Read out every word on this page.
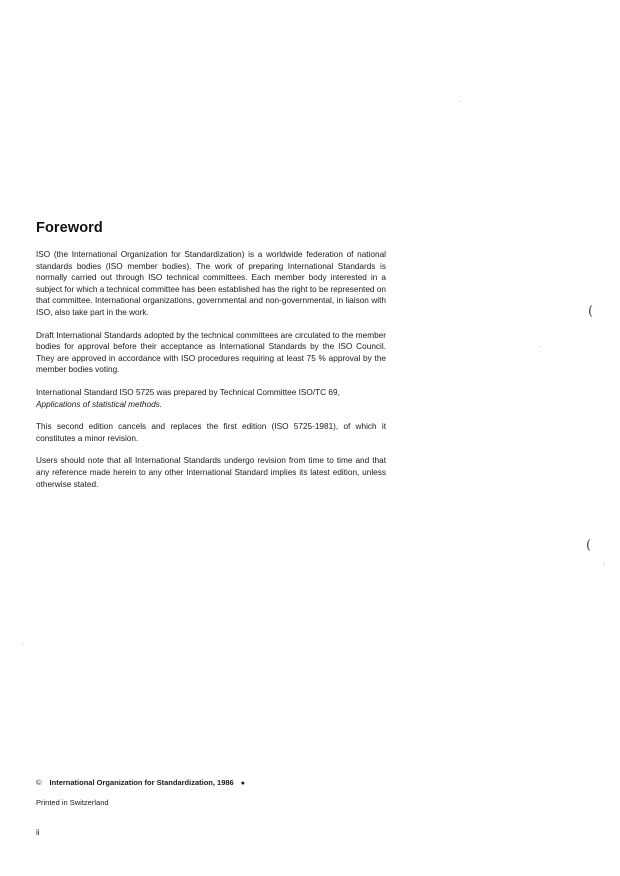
Foreword

ISO (the International Organization for Standardization) is a worldwide federation of national standards bodies (ISO member bodies). The work of preparing International Standards is normally carried out through ISO technical committees. Each member body interested in a subject for which a technical committee has been established has the right to be represented on that committee. International organizations, governmental and non-governmental, in liaison with ISO, also take part in the work.

Draft International Standards adopted by the technical committees are circulated to the member bodies for approval before their acceptance as International Standards by the ISO Council. They are approved in accordance with ISO procedures requiring at least 75 % approval by the member bodies voting.

International Standard ISO 5725 was prepared by Technical Committee ISO/TC 69,
Applications of statistical methods.

This second edition cancels and replaces the first edition (ISO 5725-1981), of which it constitutes a minor revision.

Users should note that all International Standards undergo revision from time to time and that any reference made herein to any other International Standard implies its latest edition, unless otherwise stated.

(
(
© International Organization for Standardization, 1986 ●
Printed in Switzerland
ii
